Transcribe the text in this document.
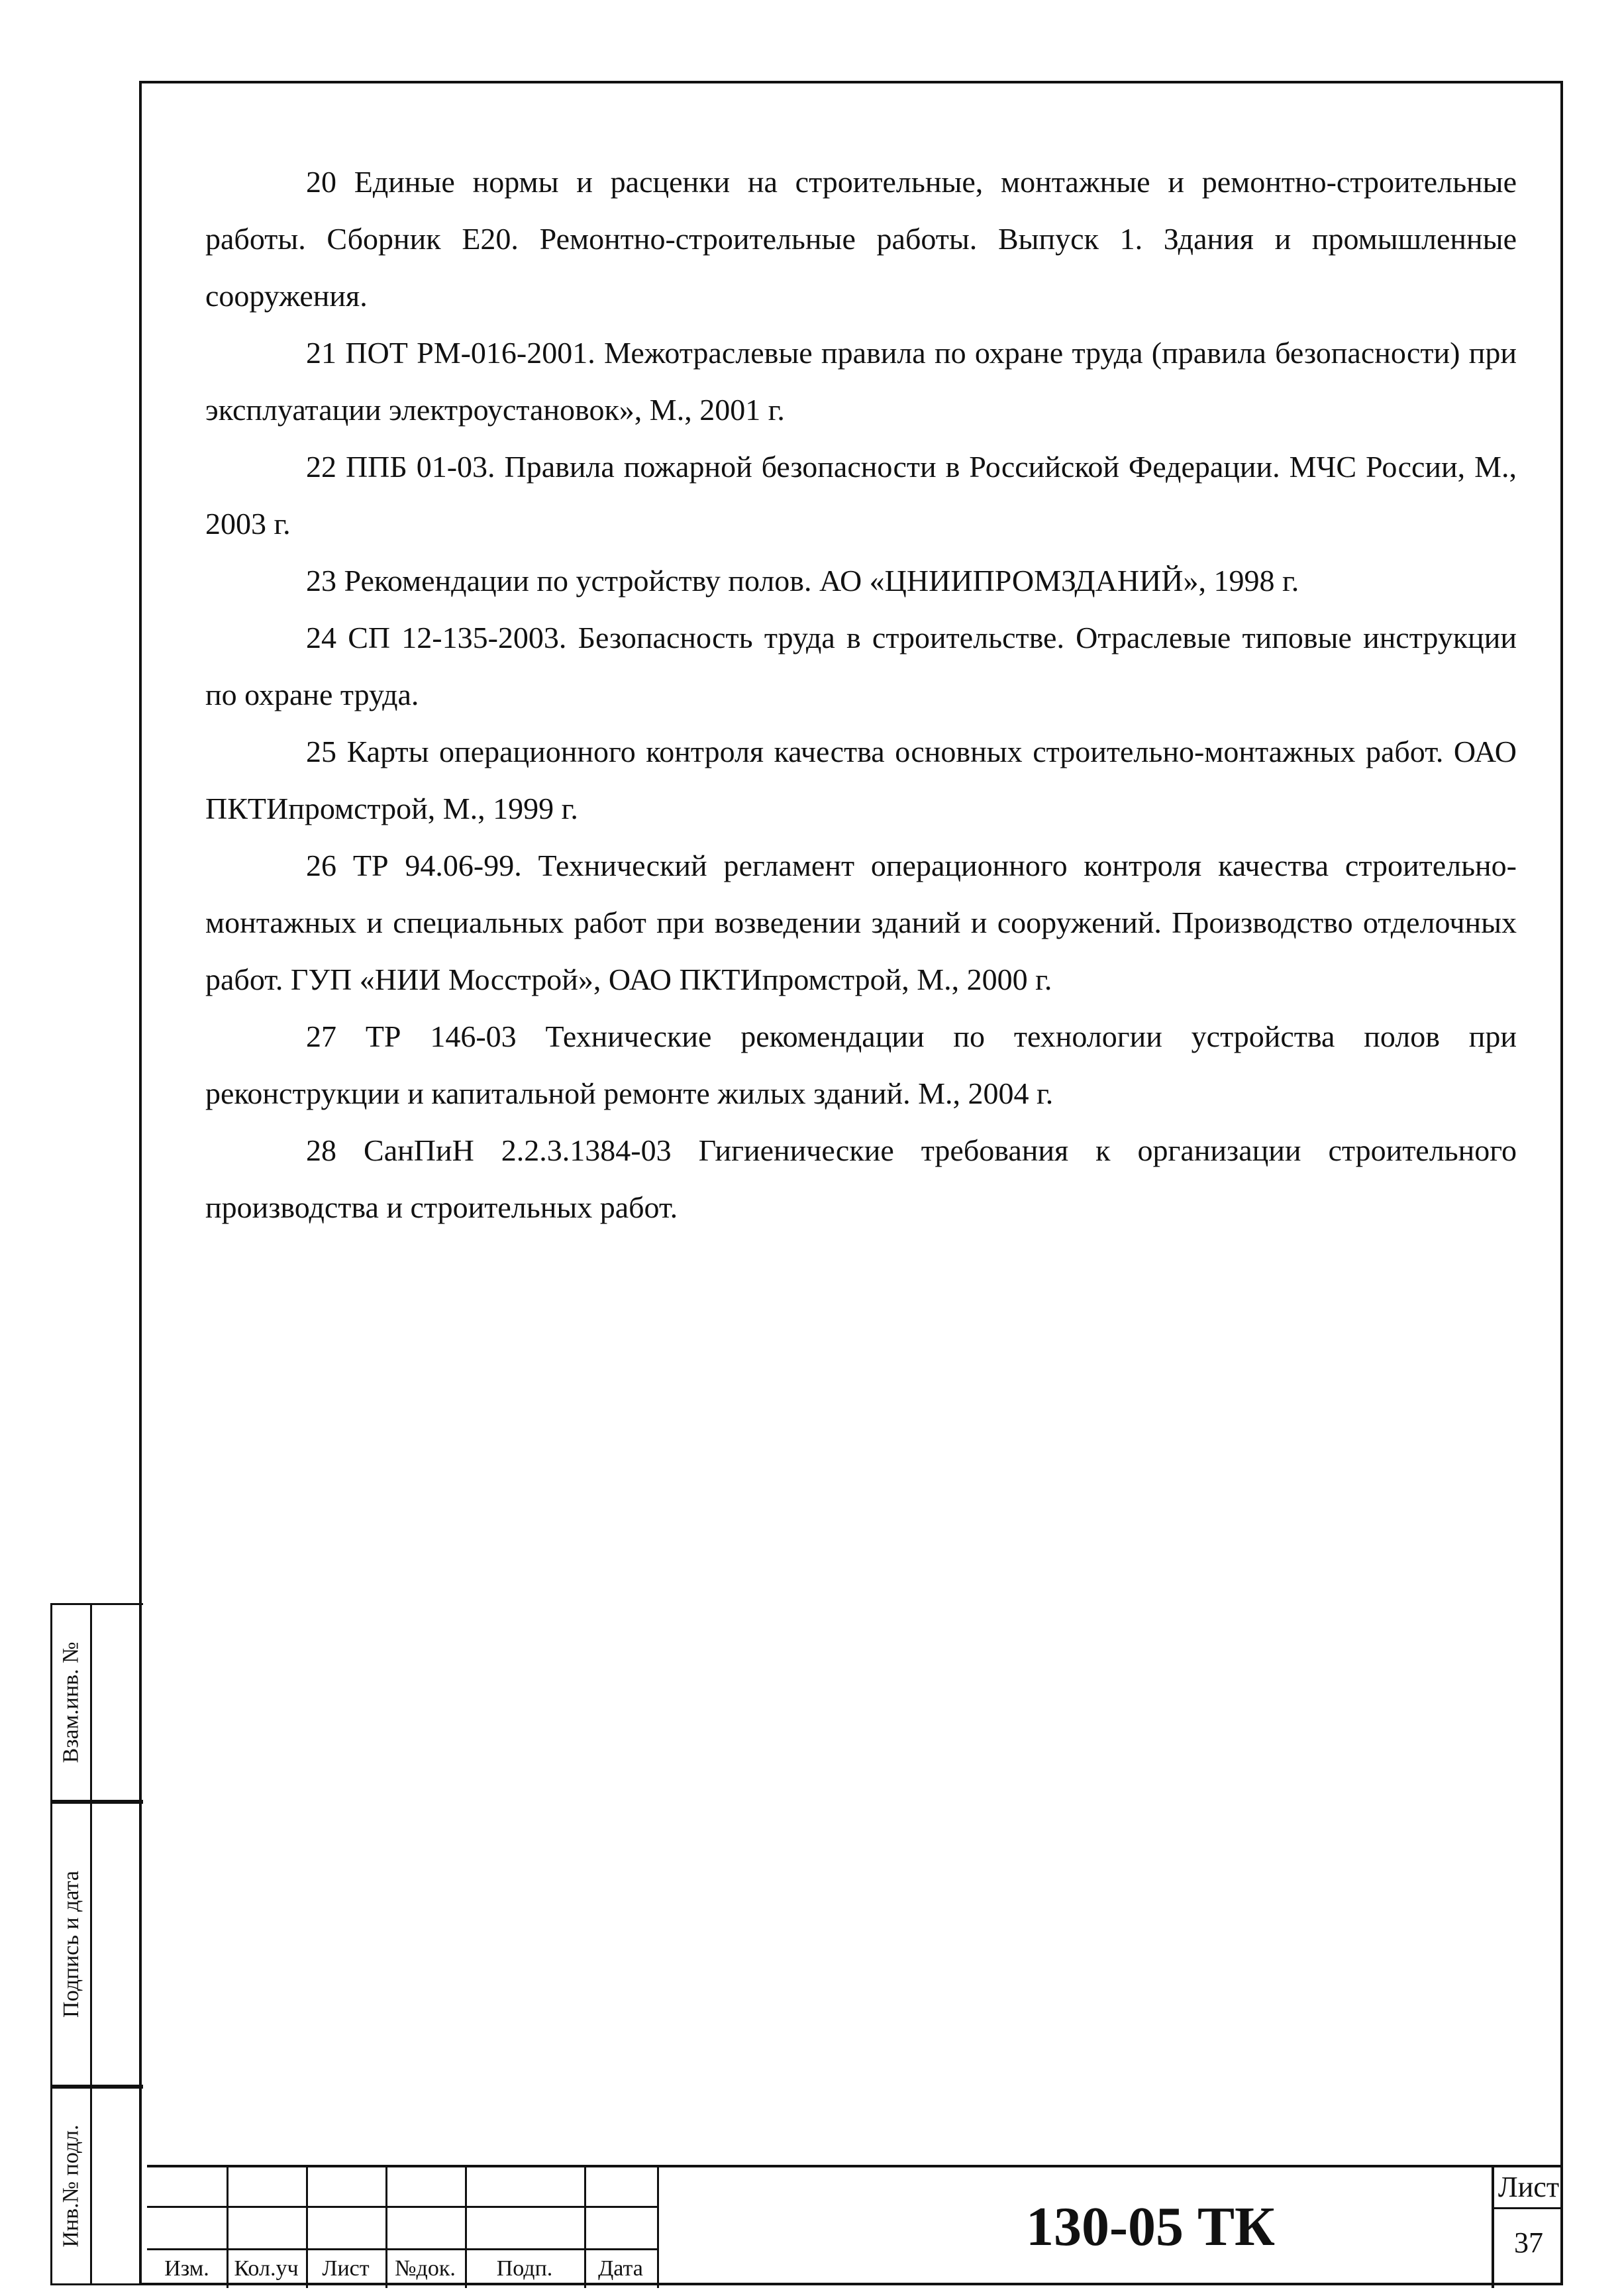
20 Единые нормы и расценки на строительные, монтажные и ремонтно-строительные работы. Сборник Е20. Ремонтно-строительные работы. Выпуск 1. Здания и промышленные сооружения.

21 ПОТ РМ-016-2001. Межотраслевые правила по охране труда (правила безопасности) при эксплуатации электроустановок», М., 2001 г.

22 ППБ 01-03. Правила пожарной безопасности в Российской Федерации. МЧС России, М., 2003 г.

23 Рекомендации по устройству полов. АО «ЦНИИПРОМЗДАНИЙ», 1998 г.

24 СП 12-135-2003. Безопасность труда в строительстве. Отраслевые типовые инструкции по охране труда.

25 Карты операционного контроля качества основных строительно-монтажных работ. ОАО ПКТИпромстрой, М., 1999 г.

26 ТР 94.06-99. Технический регламент операционного контроля качества строительно-монтажных и специальных работ при возведении зданий и сооружений. Производство отделочных работ. ГУП «НИИ Мосстрой», ОАО ПКТИпромстрой, М., 2000 г.

27 ТР 146-03 Технические рекомендации по технологии устройства полов при реконструкции и капитальной ремонте жилых зданий. М., 2004 г.

28 СанПиН 2.2.3.1384-03 Гигиенические требования к организации строительного производства и строительных работ.

Взам.инв. №
Подпись и дата
Инв.№ подл.
Изм.	Кол.уч	Лист	№док.	Подп.	Дата
130-05 ТК
Лист
37
